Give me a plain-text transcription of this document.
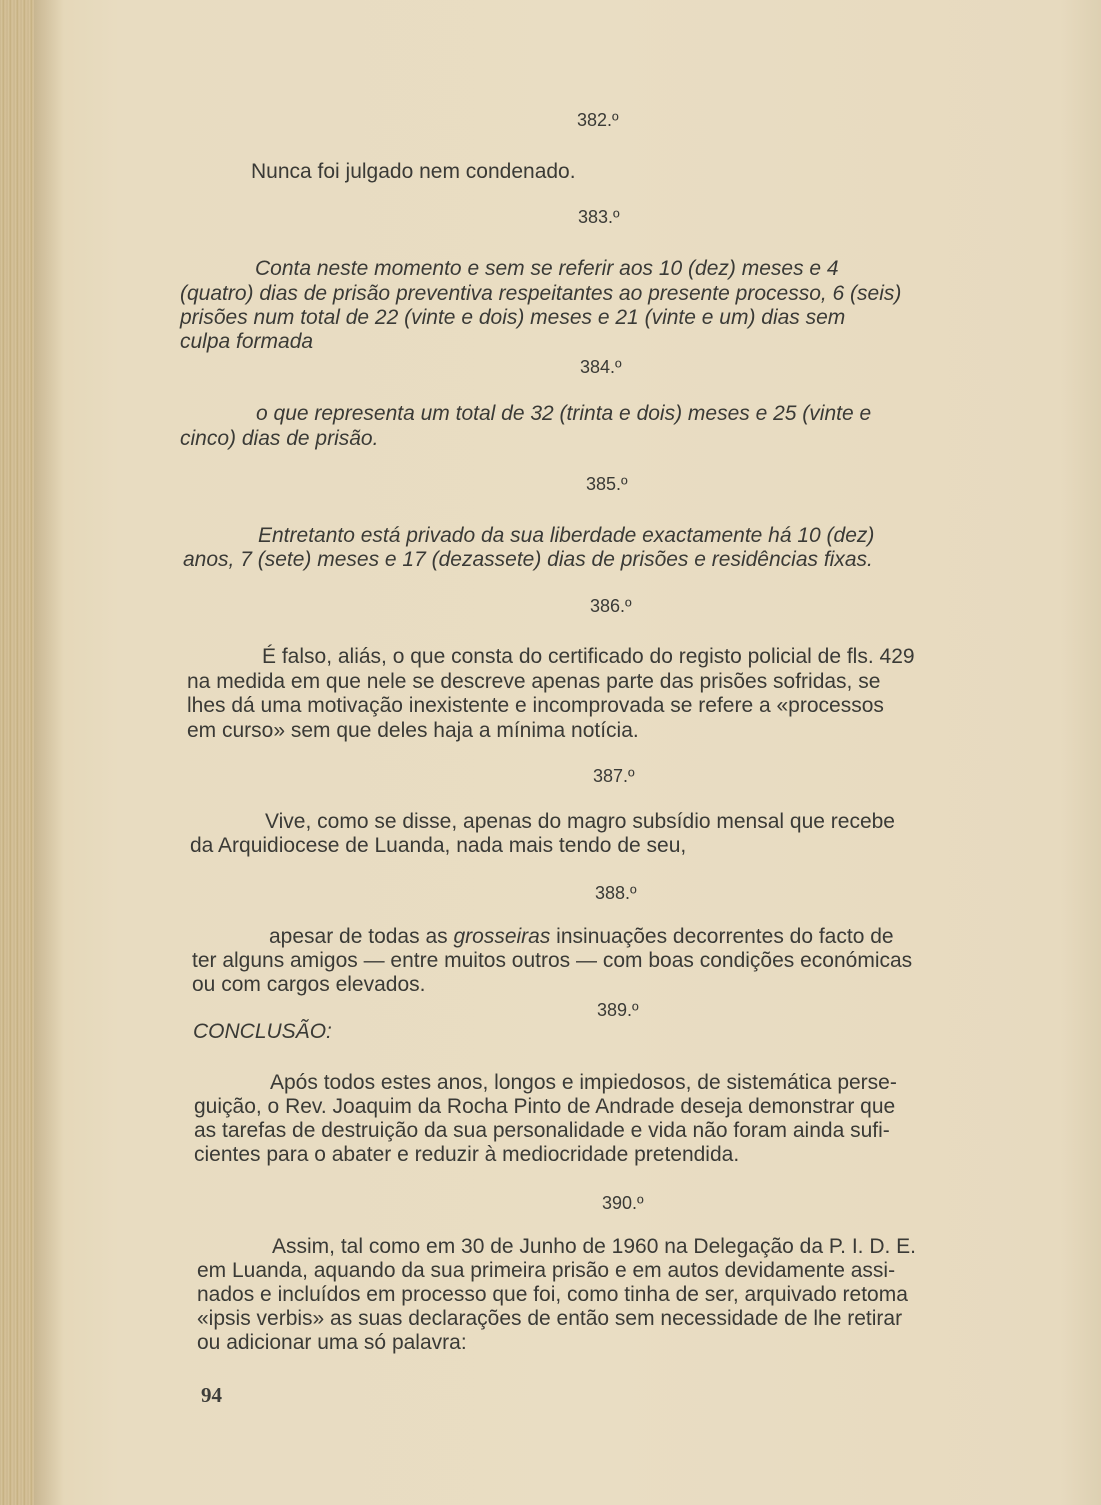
382.º

Nunca foi julgado nem condenado.

383.º

Conta neste momento e sem se referir aos 10 (dez) meses e 4

(quatro) dias de prisão preventiva respeitantes ao presente processo, 6 (seis)

prisões num total de 22 (vinte e dois) meses e 21 (vinte e um) dias sem

culpa formada

384.º

o que representa um total de 32 (trinta e dois) meses e 25 (vinte e

cinco) dias de prisão.

385.º

Entretanto está privado da sua liberdade exactamente há 10 (dez)

anos, 7 (sete) meses e 17 (dezassete) dias de prisões e residências fixas.

386.º

É falso, aliás, o que consta do certificado do registo policial de fls. 429

na medida em que nele se descreve apenas parte das prisões sofridas, se

lhes dá uma motivação inexistente e incomprovada se refere a «processos

em curso» sem que deles haja a mínima notícia.

387.º

Vive, como se disse, apenas do magro subsídio mensal que recebe

da Arquidiocese de Luanda, nada mais tendo de seu,

388.º

apesar de todas as grosseiras insinuações decorrentes do facto de

ter alguns amigos — entre muitos outros — com boas condições económicas

ou com cargos elevados.

389.º

CONCLUSÃO:

Após todos estes anos, longos e impiedosos, de sistemática perse-

guição, o Rev. Joaquim da Rocha Pinto de Andrade deseja demonstrar que

as tarefas de destruição da sua personalidade e vida não foram ainda sufi-

cientes para o abater e reduzir à mediocridade pretendida.

390.º

Assim, tal como em 30 de Junho de 1960 na Delegação da P. I. D. E.

em Luanda, aquando da sua primeira prisão e em autos devidamente assi-

nados e incluídos em processo que foi, como tinha de ser, arquivado retoma

«ipsis verbis» as suas declarações de então sem necessidade de lhe retirar

ou adicionar uma só palavra:

94
